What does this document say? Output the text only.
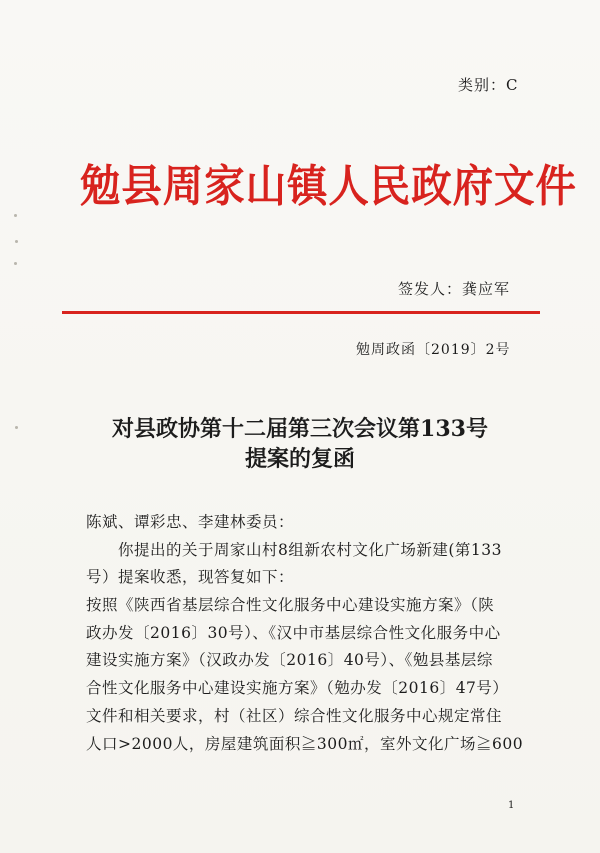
类别：C
勉县周家山镇人民政府文件
签发人：龚应军
勉周政函〔2019〕2号
对县政协第十二届第三次会议第133号
提案的复函
陈斌、谭彩忠、李建林委员：
你提出的关于周家山村8组新农村文化广场新建(第133
号）提案收悉，现答复如下：
按照《陕西省基层综合性文化服务中心建设实施方案》（陕
政办发〔2016〕30号）、《汉中市基层综合性文化服务中心
建设实施方案》（汉政办发〔2016〕40号）、《勉县基层综
合性文化服务中心建设实施方案》（勉办发〔2016〕47号）
文件和相关要求，村（社区）综合性文化服务中心规定常住
人口>2000人，房屋建筑面积≧300㎡，室外文化广场≧600
1
